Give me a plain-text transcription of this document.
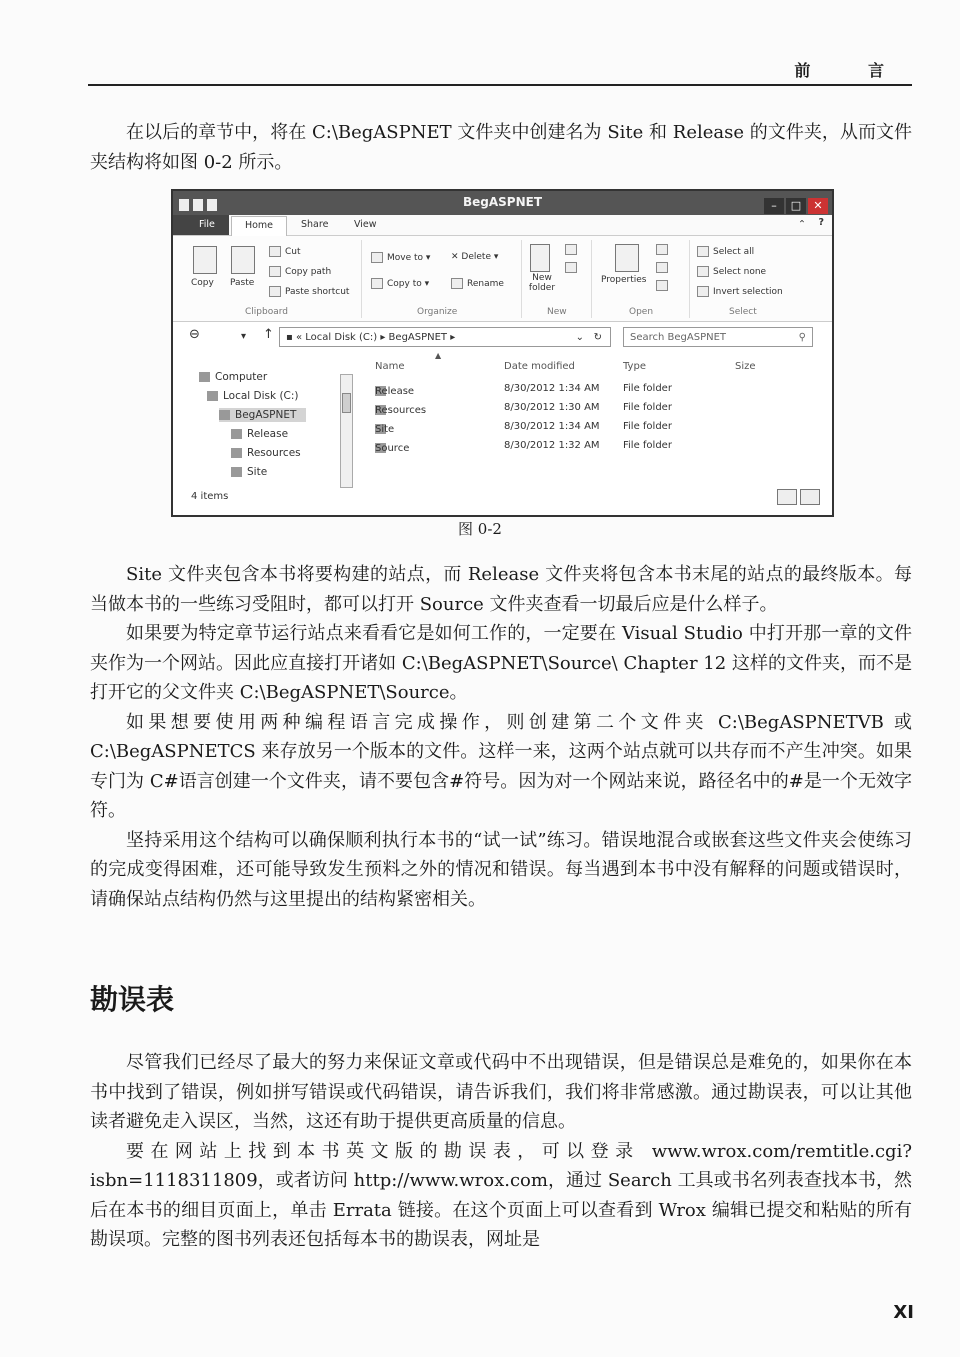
前 言

在以后的章节中，将在 C:\BegASPNET 文件夹中创建名为 Site 和 Release 的文件夹，从而文件夹结构将如图 0-2 所示。

BegASPNET	– □ ✕
File	Home	Share	View	⌃ ?
Copy Paste
Cut
Copy path
Paste shortcut
Clipboard
Move to ▾
Copy to ▾
✕ Delete ▾
Rename
Organize
New folder
New
Properties
Open
Select all
Select none
Invert selection
Select
⊖	▾ ↑	▪ « Local Disk (C:) ▸ BegASPNET ▸	⌄ ↻	Search BegASPNET	⚲
Computer
Local Disk (C:)
BegASPNET
Release
Resources
Site
Name
▲
Date modified	Type	Size
Release	8/30/2012 1:34 AM File folder
Resources	8/30/2012 1:30 AM File folder
Site	8/30/2012 1:34 AM File folder
Source	8/30/2012 1:32 AM File folder
4 items
图 0-2

Site 文件夹包含本书将要构建的站点，而 Release 文件夹将包含本书末尾的站点的最终版本。每当做本书的一些练习受阻时，都可以打开 Source 文件夹查看一切最后应是什么样子。

如果要为特定章节运行站点来看看它是如何工作的，一定要在 Visual Studio 中打开那一章的文件夹作为一个网站。因此应直接打开诸如 C:\BegASPNET\Source\ Chapter 12 这样的文件夹，而不是打开它的父文件夹 C:\BegASPNET\Source。

如果想要使用两种编程语言完成操作，则创建第二个文件夹 C:\BegASPNETVB 或 C:\BegASPNETCS 来存放另一个版本的文件。这样一来，这两个站点就可以共存而不产生冲突。如果专门为 C#语言创建一个文件夹，请不要包含#符号。因为对一个网站来说，路径名中的#是一个无效字符。

坚持采用这个结构可以确保顺利执行本书的“试一试”练习。错误地混合或嵌套这些文件夹会使练习的完成变得困难，还可能导致发生预料之外的情况和错误。每当遇到本书中没有解释的问题或错误时，请确保站点结构仍然与这里提出的结构紧密相关。

勘误表

尽管我们已经尽了最大的努力来保证文章或代码中不出现错误，但是错误总是难免的，如果你在本书中找到了错误，例如拼写错误或代码错误，请告诉我们，我们将非常感激。通过勘误表，可以让其他读者避免走入误区，当然，这还有助于提供更高质量的信息。

要在网站上找到本书英文版的勘误表，可以登录 www.wrox.com/remtitle.cgi?isbn=1118311809，或者访问 http://www.wrox.com，通过 Search 工具或书名列表查找本书，然后在本书的细目页面上，单击 Errata 链接。在这个页面上可以查看到 Wrox 编辑已提交和粘贴的所有勘误项。完整的图书列表还包括每本书的勘误表，网址是

XI
